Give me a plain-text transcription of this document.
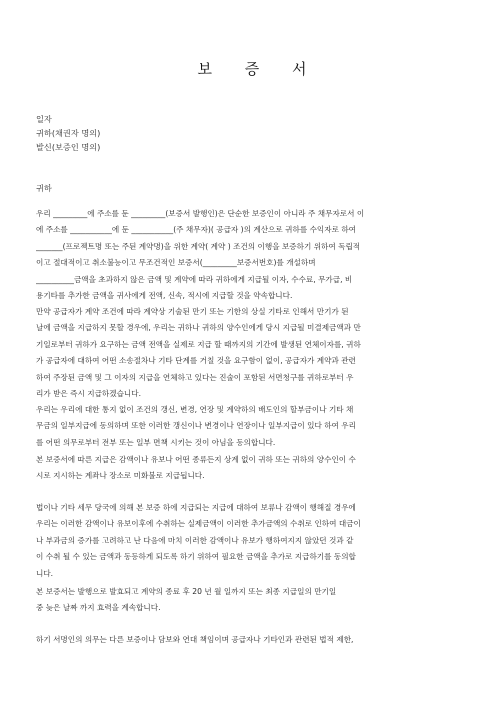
보 증 서
일자
귀하(채권자 명의)
발신(보증인 명의)
귀하
우리 _________에 주소를 둔 _________(보증서 발행인)은 단순한 보증인이 아니라 주 채무자로서 이
에 주소를 ___________에 둔 ___________(주 채무자)( 공급자 )의 계산으로 귀하를 수익자로 하여
_______(프로젝트명 또는 주된 계약명)을 위한 계약( 계약 ) 조건의 이행을 보증하기 위하여 독립적
이고 절대적이고 취소불능이고 무조건적인 보증서(_________보증서번호)를 개설하며
__________금액을 초과하지 않은 금액 및 계약에 따라 귀하에게 지급될 이자, 수수료, 무가급, 비
용기타를 추가한 금액을 귀사에게 전액, 신속, 적시에 지급할 것을 약속합니다.
만약 공급자가 계약 조건에 따라 계약상 기술된 만기 또는 기한의 상실 기타로 인해서 만기가 된
날에 금액을 지급하지 못할 경우에, 우리는 귀하나 귀하의 양수인에게 당시 지급될 미결제금액과 만
기일로부터 귀하가 요구하는 금액 전액을 실제로 지급 할 때까지의 기간에 발생된 연체이자를, 귀하
가 공급자에 대하여 어떤 소송절차나 기타 단계를 거칠 것을 요구함이 없이, 공급자가 계약과 관련
하여 주장된 금액 및 그 이자의 지급을 연체하고 있다는 진술이 포함된 서면청구를 귀하로부터 우
리가 받은 즉시 지급하겠습니다.
우리는 우리에 대한 통지 없이 조건의 갱신, 변경, 연장 및 계약하의 배도인의 할부금이나 기타 채
무금의 일부지급에 동의하며 또한 이러한 갱신이나 변경이나 연장이나 일부지급이 있다 하여 우리
를 어떤 의무로부터 전부 또는 일부 면책 시키는 것이 아님을 동의합니다.
본 보증서에 따른 지급은 감액이나 유보나 어떤 종류든지 상계 없이 귀하 또는 귀하의 양수인이 수
시로 지시하는 계좌나 장소로 미화불로 지급됩니다.
법이나 기타 세무 당국에 의해 본 보증 하에 지급되는 지급에 대하여 보류나 감액이 행해질 경우에
우리는 이러한 감액이나 유보이후에 수취하는 실제금액이 이러한 추가금액의 수취로 인하여 대금이
나 부과금의 증가를 고려하고 난 다음에 마치 이러한 감액이나 유보가 행하여지지 않았던 것과 같
이 수취 될 수 있는 금액과 동등하게 되도록 하기 위하여 필요한 금액을 추가로 지급하기를 동의합
니다.
본 보증서는 발행으로 발효되고 계약의 종료 후 20 년 월 일까지 또는 최종 지급일의 만기일
중 늦은 날짜 까지 효력을 계속합니다.
하기 서명인의 의무는 다른 보증이나 담보와 연대 책임이며 공급자나 기타인과 관련된 법적 제한,
